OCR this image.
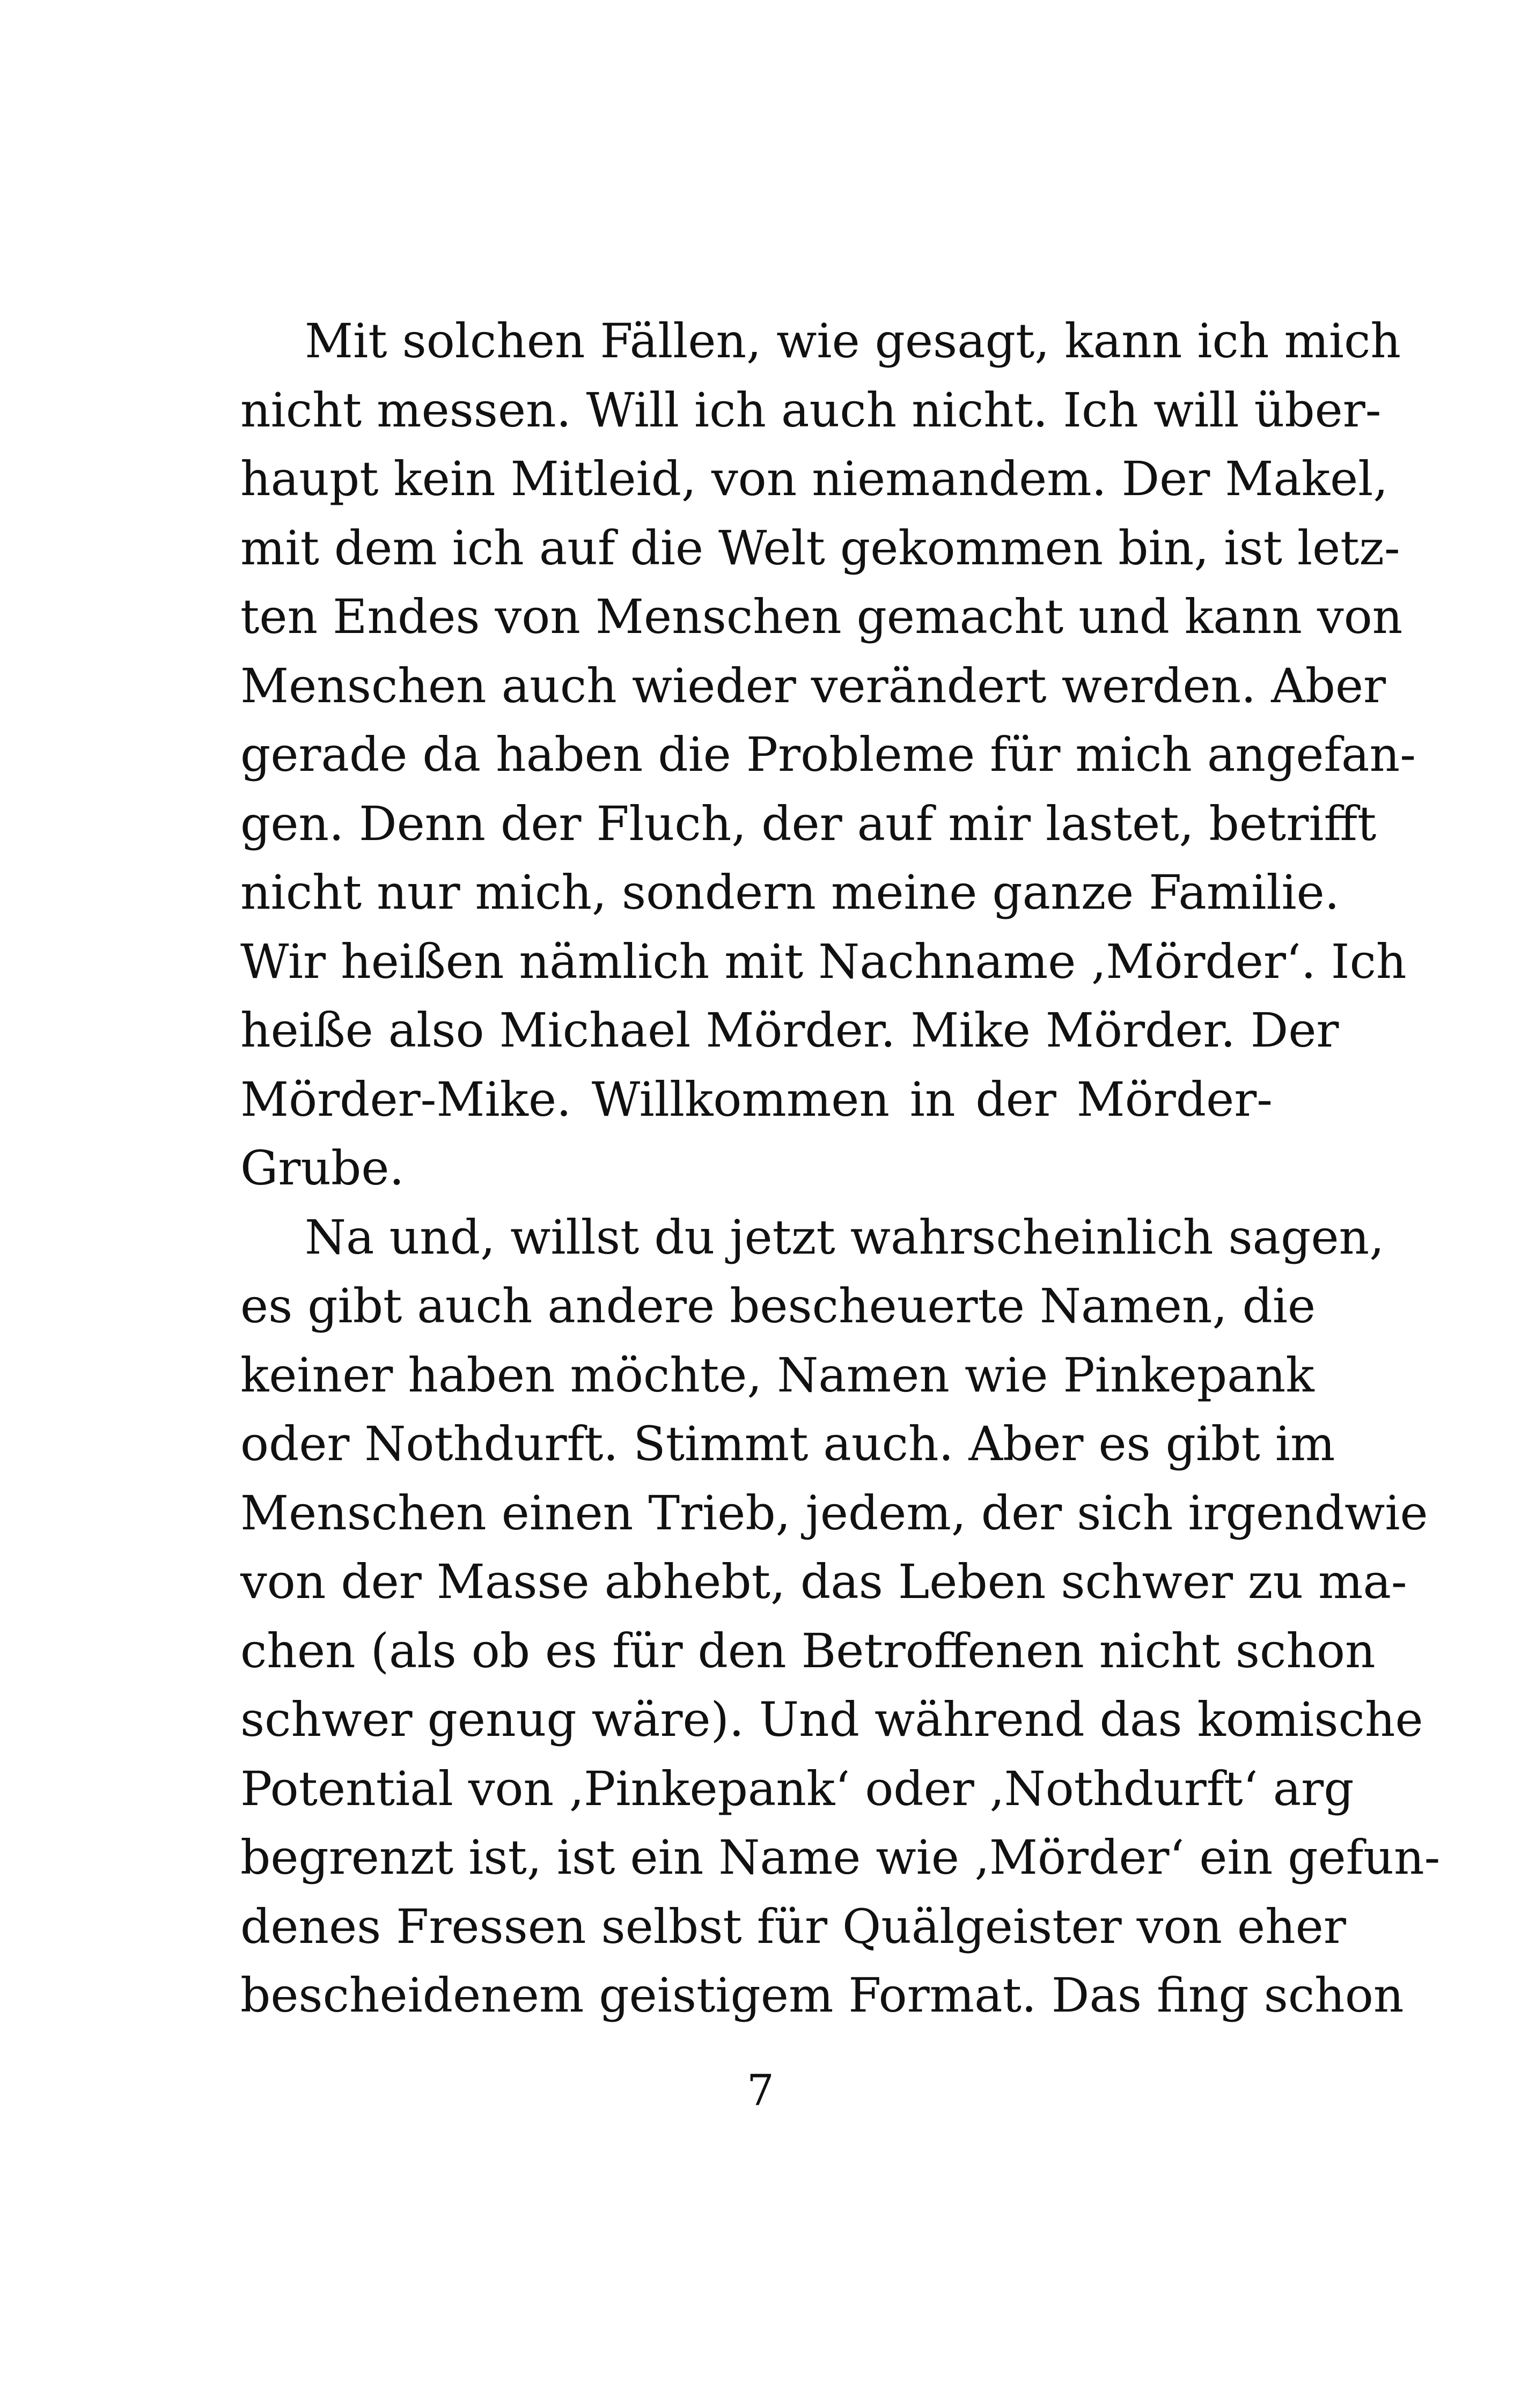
Mit solchen Fällen, wie gesagt, kann ich mich
nicht messen. Will ich auch nicht. Ich will über-
haupt kein Mitleid, von niemandem. Der Makel,
mit dem ich auf die Welt gekommen bin, ist letz-
ten Endes von Menschen gemacht und kann von
Menschen auch wieder verändert werden. Aber
gerade da haben die Probleme für mich angefan-
gen. Denn der Fluch, der auf mir lastet, betrifft
nicht nur mich, sondern meine ganze Familie.
Wir heißen nämlich mit Nachname ‚Mörder‘. Ich
heiße also Michael Mörder. Mike Mörder. Der
Mörder-Mike. Willkommen in der Mörder-
Grube.
Na und, willst du jetzt wahrscheinlich sagen,
es gibt auch andere bescheuerte Namen, die
keiner haben möchte, Namen wie Pinkepank
oder Nothdurft. Stimmt auch. Aber es gibt im
Menschen einen Trieb, jedem, der sich irgendwie
von der Masse abhebt, das Leben schwer zu ma-
chen (als ob es für den Betroffenen nicht schon
schwer genug wäre). Und während das komische
Potential von ‚Pinkepank‘ oder ‚Nothdurft‘ arg
begrenzt ist, ist ein Name wie ‚Mörder‘ ein gefun-
denes Fressen selbst für Quälgeister von eher
bescheidenem geistigem Format. Das fing schon
7
